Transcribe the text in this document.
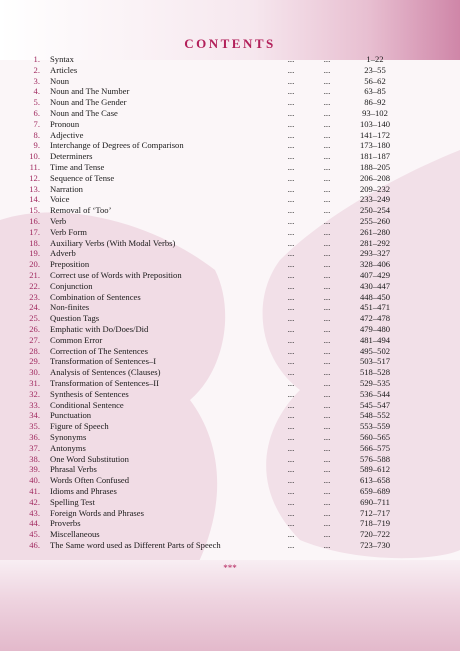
CONTENTS
1. Syntax	...	...	1–22
2. Articles	...	...	23–55
3. Noun	...	...	56–62
4. Noun and The Number	...	...	63–85
5. Noun and The Gender	...	...	86–92
6. Noun and The Case	...	...	93–102
7. Pronoun	...	...	103–140
8. Adjective	...	...	141–172
9. Interchange of Degrees of Comparison	...	...	173–180
10. Determiners	...	...	181–187
11. Time and Tense	...	...	188–205
12. Sequence of Tense	...	...	206–208
13. Narration	...	...	209–232
14. Voice	...	...	233–249
15. Removal of ‘Too’	...	...	250–254
16. Verb	...	...	255–260
17. Verb Form	...	...	261–280
18. Auxiliary Verbs (With Modal Verbs)	...	...	281–292
19. Adverb	...	...	293–327
20. Preposition	...	...	328–406
21. Correct use of Words with Preposition	...	...	407–429
22. Conjunction	...	...	430–447
23. Combination of Sentences	...	...	448–450
24. Non-finites	...	...	451–471
25. Question Tags	...	...	472–478
26. Emphatic with Do/Does/Did	...	...	479–480
27. Common Error	...	...	481–494
28. Correction of The Sentences	...	...	495–502
29. Transformation of Sentences–I	...	...	503–517
30. Analysis of Sentences (Clauses)	...	...	518–528
31. Transformation of Sentences–II	...	...	529–535
32. Synthesis of Sentences	...	...	536–544
33. Conditional Sentence	...	...	545–547
34. Punctuation	...	...	548–552
35. Figure of Speech	...	...	553–559
36. Synonyms	...	...	560–565
37. Antonyms	...	...	566–575
38. One Word Substitution	...	...	576–588
39. Phrasal Verbs	...	...	589–612
40. Words Often Confused	...	...	613–658
41. Idioms and Phrases	...	...	659–689
42. Spelling Test	...	...	690–711
43. Foreign Words and Phrases	...	...	712–717
44. Proverbs	...	...	718–719
45. Miscellaneous	...	...	720–722
46. The Same word used as Different Parts of Speech	...	...	723–730
***
